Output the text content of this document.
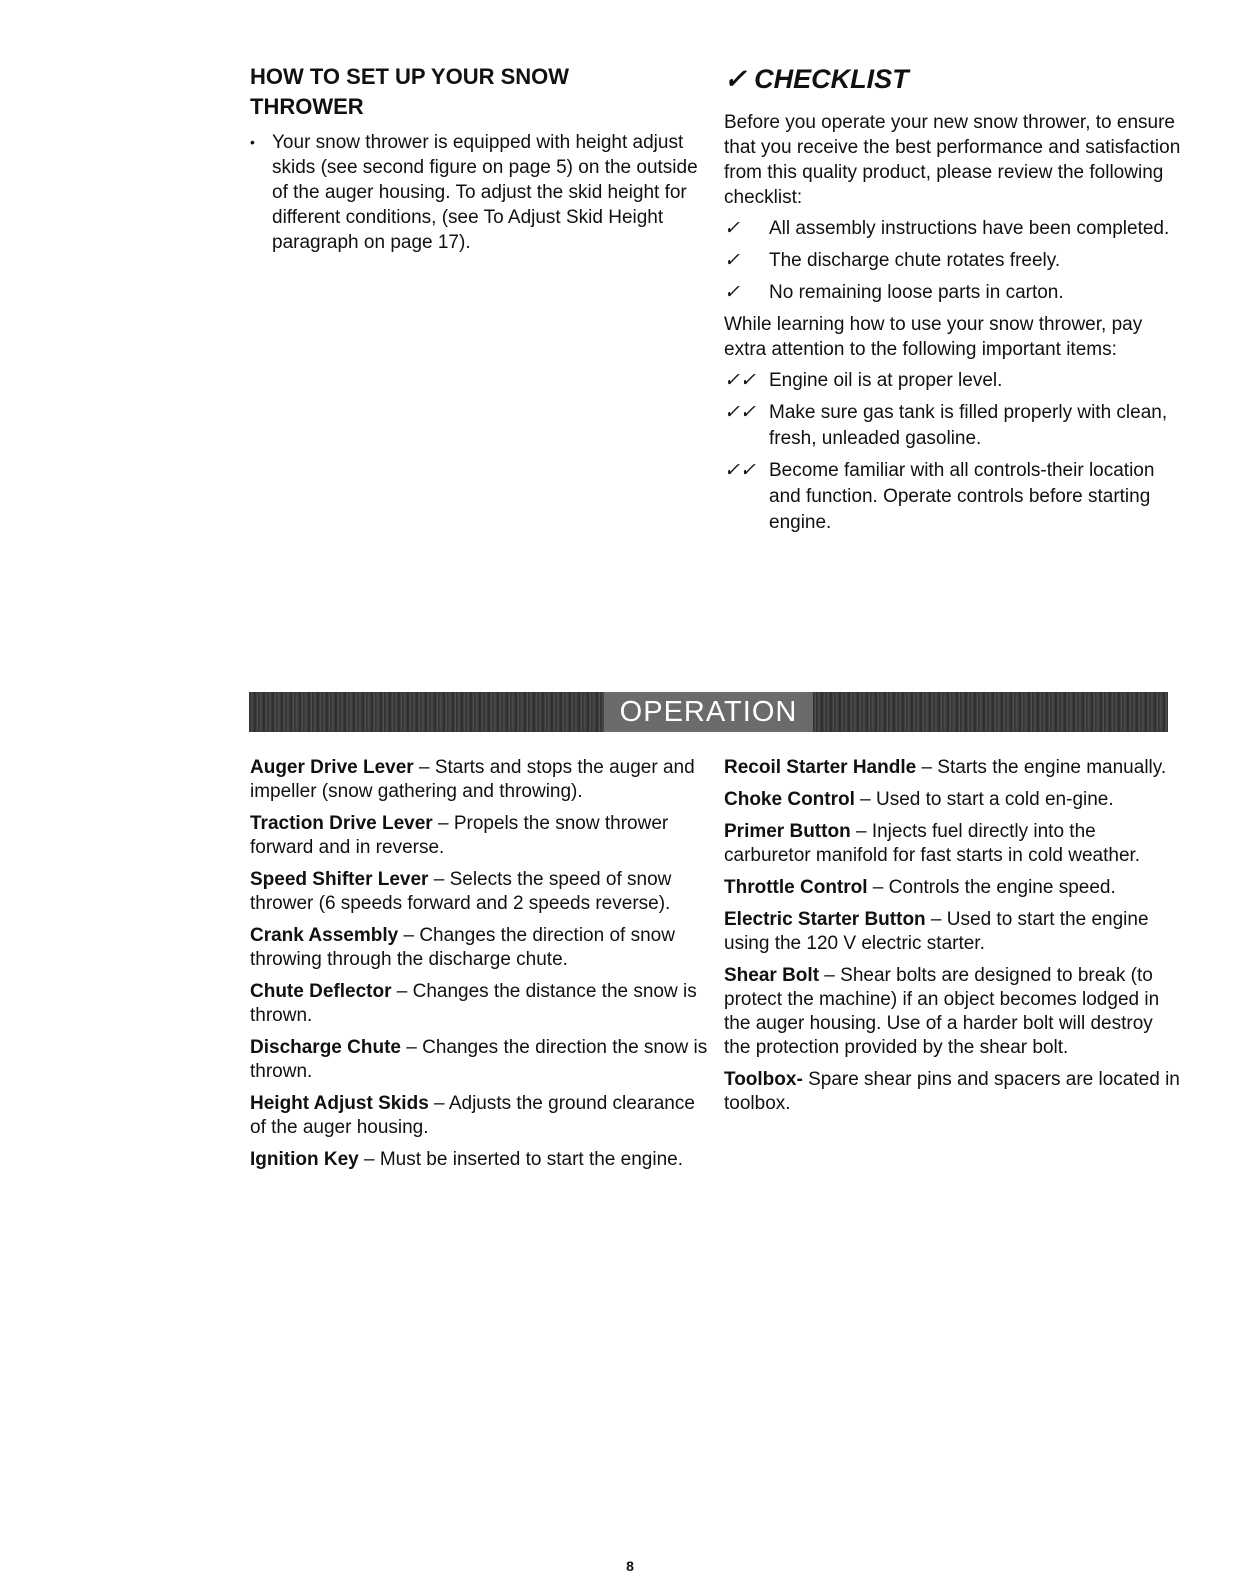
HOW TO SET UP YOUR SNOW
THROWER
• Your snow thrower is equipped with height adjust skids (see second figure on page 5) on the outside of the auger housing. To adjust the skid height for different conditions, (see To Adjust Skid Height paragraph on page 17).
✓ CHECKLIST

Before you operate your new snow thrower, to ensure that you receive the best performance and satisfaction from this quality product, please review the following checklist:

✓	All assembly instructions have been completed.
✓	The discharge chute rotates freely.
✓	No remaining loose parts in carton.

While learning how to use your snow thrower, pay extra attention to the following important items:

✓✓ Engine oil is at proper level.
✓✓ Make sure gas tank is filled properly with clean, fresh, unleaded gasoline.
✓✓ Become familiar with all controls-their location and function. Operate controls before starting engine.
OPERATION

Auger Drive Lever – Starts and stops the auger and impeller (snow gathering and throwing).

Traction Drive Lever – Propels the snow thrower forward and in reverse.

Speed Shifter Lever – Selects the speed of snow thrower (6 speeds forward and 2 speeds reverse).

Crank Assembly – Changes the direction of snow throwing through the discharge chute.

Chute Deflector – Changes the distance the snow is thrown.

Discharge Chute – Changes the direction the snow is thrown.

Height Adjust Skids – Adjusts the ground clearance of the auger housing.

Ignition Key – Must be inserted to start the engine.

Recoil Starter Handle – Starts the engine manually.

Choke Control – Used to start a cold en-gine.

Primer Button – Injects fuel directly into the carburetor manifold for fast starts in cold weather.

Throttle Control – Controls the engine speed.

Electric Starter Button – Used to start the engine using the 120 V electric starter.

Shear Bolt – Shear bolts are designed to break (to protect the machine) if an object becomes lodged in the auger housing. Use of a harder bolt will destroy the protection provided by the shear bolt.

Toolbox- Spare shear pins and spacers are located in toolbox.

8
